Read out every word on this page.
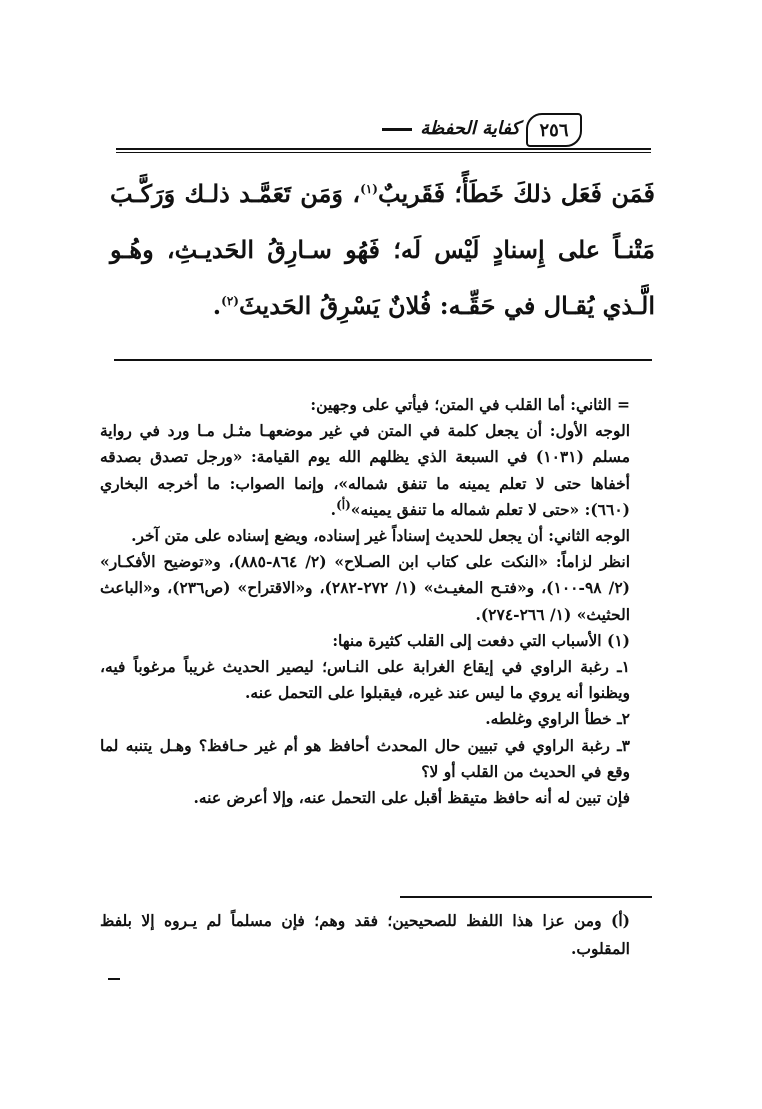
كفاية الحفظة ٢٥٦

فَمَن فَعَل ذلكَ خَطَأً؛ فَقَريبٌ$^{(١)}$، وَمَن تَعَمَّـد ذلـك وَرَكَّـبَ مَتْنـاً على إِسنادٍ لَيْس لَه؛ فَهُو سـارِقُ الحَديـثِ، وهُـو الَّـذي يُقـال في حَقِّـه: فُلانٌ يَسْرِقُ الحَديثَ$^{(٢)}$.

= الثاني: أما القلب في المتن؛ فيأتي على وجهين:

الوجه الأول: أن يجعل كلمة في المتن في غير موضعهـا مثـل مـا ورد في رواية مسلم (١٠٣١) في السبعة الذي يظلهم الله يوم القيامة: «ورجل تصدق بصدقه أخفاها حتى لا تعلم يمينه ما تنفق شماله»، وإنما الصواب: ما أخرجه البخاري (٦٦٠): «حتى لا تعلم شماله ما تنفق يمينه»$^{(أ)}$.

الوجه الثاني: أن يجعل للحديث إسناداً غير إسناده، ويضع إسناده على متن آخر.

انظر لزاماً: «النكت على كتاب ابن الصـلاح» (٢/ ٨٦٤-٨٨٥)، و«توضيح الأفكـار» (٢/ ٩٨-١٠٠)، و«فتـح المغيـث» (١/ ٢٧٢-٢٨٢)، و«الاقتراح» (ص٢٣٦)، و«الباعث الحثيث» (١/ ٢٦٦-٢٧٤).

(١) الأسباب التي دفعت إلى القلب كثيرة منها:

١ـ رغبة الراوي في إيقاع الغرابة على النـاس؛ ليصير الحديث غريباً مرغوباً فيه، ويظنوا أنه يروي ما ليس عند غيره، فيقبلوا على التحمل عنه.

٢ـ خطأ الراوي وغلطه.

٣ـ رغبة الراوي في تبيين حال المحدث أحافظ هو أم غير حـافظ؟ وهـل يتنبه لما وقع في الحديث من القلب أو لا؟

فإن تبين له أنه حافظ متيقظ أقبل على التحمل عنه، وإلا أعرض عنه.

(أ) ومن عزا هذا اللفظ للصحيحين؛ فقد وهم؛ فإن مسلماً لم يـروه إلا بلفظ المقلوب.
